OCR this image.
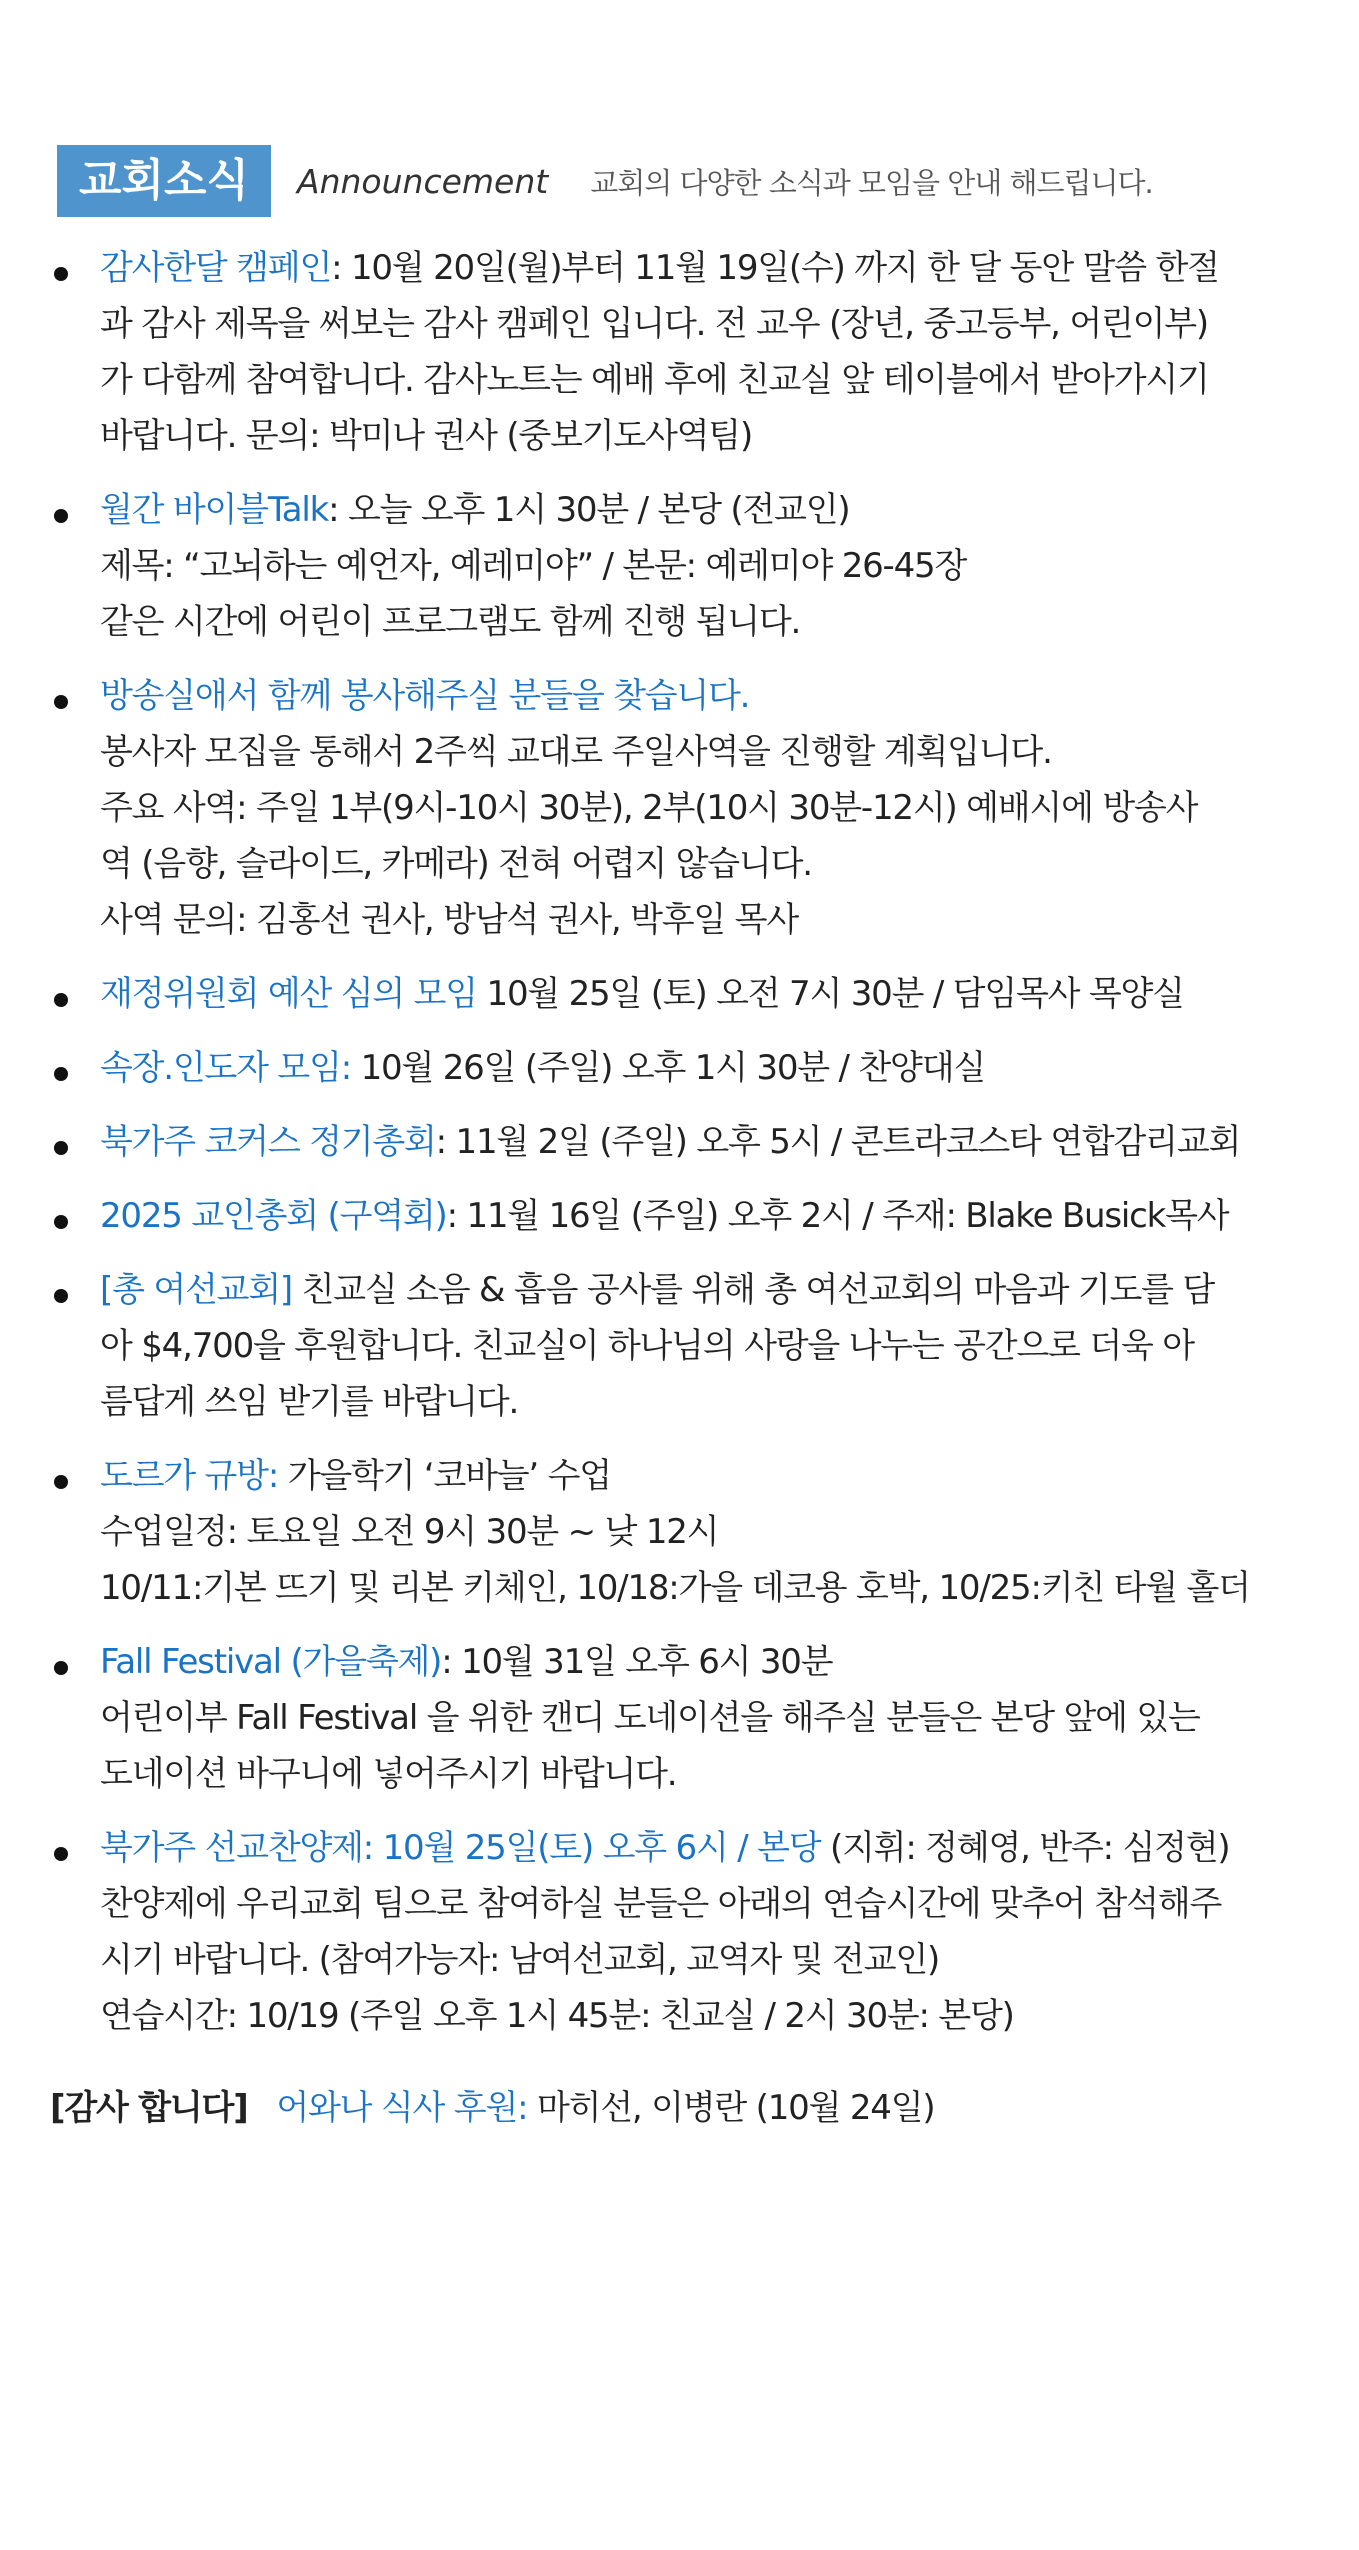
교회소식	Announcement 교회의 다양한 소식과 모임을 안내 해드립니다.
감사한달 캠페인: 10월 20일(월)부터 11월 19일(수) 까지 한 달 동안 말씀 한절
과 감사 제목을 써보는 감사 캠페인 입니다. 전 교우 (장년, 중고등부, 어린이부)
가 다함께 참여합니다. 감사노트는 예배 후에 친교실 앞 테이블에서 받아가시기
바랍니다. 문의: 박미나 권사 (중보기도사역팀)
월간 바이블Talk: 오늘 오후 1시 30분 / 본당 (전교인)
제목: “고뇌하는 예언자, 예레미야” / 본문: 예레미야 26-45장
같은 시간에 어린이 프로그램도 함께 진행 됩니다.
방송실애서 함께 봉사해주실 분들을 찾습니다.
봉사자 모집을 통해서 2주씩 교대로 주일사역을 진행할 계획입니다.
주요 사역: 주일 1부(9시-10시 30분), 2부(10시 30분-12시) 예배시에 방송사
역 (음향, 슬라이드, 카메라) 전혀 어렵지 않습니다.
사역 문의: 김홍선 권사, 방남석 권사, 박후일 목사
재정위원회 예산 심의 모임 10월 25일 (토) 오전 7시 30분 / 담임목사 목양실
속장.인도자 모임: 10월 26일 (주일) 오후 1시 30분 / 찬양대실
북가주 코커스 정기총회: 11월 2일 (주일) 오후 5시 / 콘트라코스타 연합감리교회
2025 교인총회 (구역회): 11월 16일 (주일) 오후 2시 / 주재: Blake Busick목사
[총 여선교회] 친교실 소음 & 흡음 공사를 위해 총 여선교회의 마음과 기도를 담
아 $4,700을 후원합니다. 친교실이 하나님의 사랑을 나누는 공간으로 더욱 아
름답게 쓰임 받기를 바랍니다.
도르가 규방: 가을학기 ‘코바늘’ 수업
수업일정: 토요일 오전 9시 30분 ~ 낮 12시
10/11:기본 뜨기 및 리본 키체인, 10/18:가을 데코용 호박, 10/25:키친 타월 홀더
Fall Festival (가을축제): 10월 31일 오후 6시 30분
어린이부 Fall Festival 을 위한 캔디 도네이션을 해주실 분들은 본당 앞에 있는
도네이션 바구니에 넣어주시기 바랍니다.
북가주 선교찬양제: 10월 25일(토) 오후 6시 / 본당 (지휘: 정혜영, 반주: 심정현)
찬양제에 우리교회 팀으로 참여하실 분들은 아래의 연습시간에 맞추어 참석해주
시기 바랍니다. (참여가능자: 남여선교회, 교역자 및 전교인)
연습시간: 10/19 (주일 오후 1시 45분: 친교실 / 2시 30분: 본당)
[감사 합니다] 어와나 식사 후원: 마히선, 이병란 (10월 24일)
